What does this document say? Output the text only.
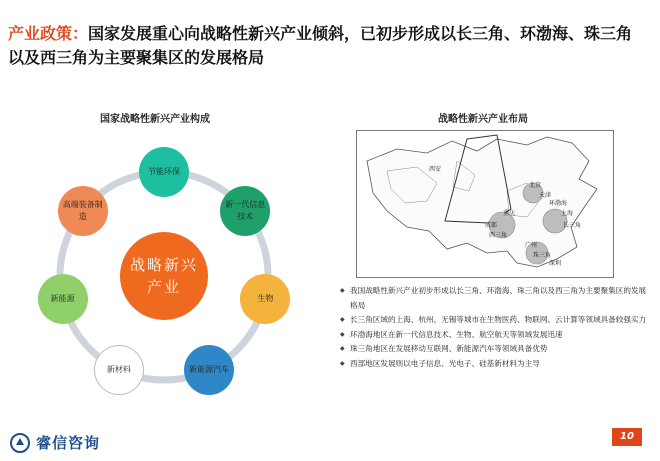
产业政策：国家发展重心向战略性新兴产业倾斜，已初步形成以长三角、环渤海、珠三角以及西三角为主要聚集区的发展格局
国家战略性新兴产业构成
战略新兴产业
节能环保
新一代信息技术
生物
新能源汽车
新材料
新能源
高端装备制造
战略性新兴产业布局
西安
北京
天津
环渤海
成都
重庆
西三角
上海
长三角
广州
珠三角
深圳
◆ 我国战略性新兴产业初步形成以长三角、环渤海、珠三角以及西三角为主要聚集区的发展格局
◆ 长三角区域的上海、杭州、无锡等城市在生物医药、物联网、云计算等领域具备较强实力
◆ 环渤海地区在新一代信息技术、生物、航空航天等领域发展迅速
◆ 珠三角地区在发展移动互联网、新能源汽车等领域具备优势
◆ 西部地区发展则以电子信息、光电子、硅基新材料为主导
睿信咨询	10
